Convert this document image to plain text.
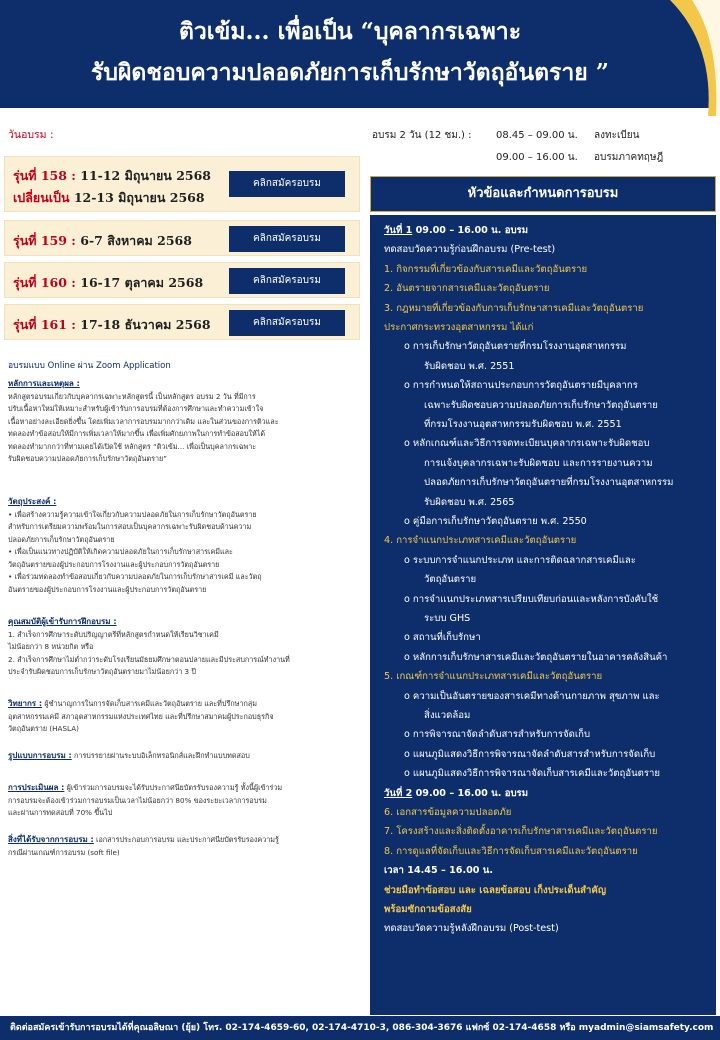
ติวเข้ม... เพื่อเป็น “บุคลากรเฉพาะ
รับผิดชอบความปลอดภัยการเก็บรักษาวัตถุอันตราย ”
วันอบรม :
รุ่นที่ 158 : 11-12 มิถุนายน 2568
เปลี่ยนเป็น 12-13 มิถุนายน 2568
คลิกสมัครอบรม
รุ่นที่ 159 : 6-7 สิงหาคม 2568	คลิกสมัครอบรม
รุ่นที่ 160 : 16-17 ตุลาคม 2568	คลิกสมัครอบรม
รุ่นที่ 161 : 17-18 ธันวาคม 2568	คลิกสมัครอบรม
อบรมแบบ Online ผ่าน Zoom Application
หลักการและเหตุผล :
หลักสูตรอบรมเกี่ยวกับบุคลากรเฉพาะหลักสูตรนี้ เป็นหลักสูตร อบรม 2 วัน ที่มีการ
ปรับเนื้อหาใหม่ให้เหมาะสำหรับผู้เข้ารับการอบรมที่ต้องการศึกษาและทำความเข้าใจ
เนื้อหาอย่างละเอียดยิ่งขึ้น โดยเพิ่มเวลาการอบรมมากกว่าเดิม และในส่วนของการติวและ
ทดลองทำข้อสอบให้มีการเพิ่มเวลาให้มากขึ้น เพื่อเพิ่มศักยภาพในการทำข้อสอบให้ได้
ทดลองทำมากกว่าที่ทามเคยได้เปิดใช้ หลักสูตร “ติวเข้ม... เพื่อเป็นบุคลากรเฉพาะ
รับผิดชอบความปลอดภัยการเก็บรักษาวัตถุอันตราย”
วัตถุประสงค์ :
• เพื่อสร้างความรู้ความเข้าใจเกี่ยวกับความปลอดภัยในการเก็บรักษาวัตถุอันตราย
สำหรับการเตรียมความพร้อมในการสอบเป็นบุคลากรเฉพาะรับผิดชอบด้านความ
ปลอดภัยการเก็บรักษาวัตถุอันตราย
• เพื่อเป็นแนวทางปฏิบัติให้เกิดความปลอดภัยในการเก็บรักษาสารเคมีและ
วัตถุอันตรายของผู้ประกอบการโรงงานและผู้ประกอบการวัตถุอันตราย
• เพื่อร่วมทดลองทำข้อสอบเกี่ยวกับความปลอดภัยในการเก็บรักษาสารเคมี และวัตถุ
อันตรายของผู้ประกอบการโรงงานและผู้ประกอบการวัตถุอันตราย
คุณสมบัติผู้เข้ารับการฝึกอบรม :
1. สำเร็จการศึกษาระดับปริญญาตรีที่หลักสูตรกำหนดให้เรียนวิชาเคมี
ไม่น้อยกว่า 8 หน่วยกิต หรือ
2. สำเร็จการศึกษาไม่ต่ำกว่าระดับโรงเรียนมัธยมศึกษาตอนปลายและมีประสบการณ์ทำงานที่
ประจำรับผิดชอบการเก็บรักษาวัตถุอันตรายมาไม่น้อยกว่า 3 ปี
วิทยากร : ผู้ชำนาญการในการจัดเก็บสารเคมีและวัตถุอันตราย และที่ปรึกษากลุ่ม
อุตสาหกรรมเคมี สภาอุตสาหกรรมแห่งประเทศไทย และที่ปรึกษาสมาคมผู้ประกอบธุรกิจ
วัตถุอันตราย (HASLA)
รูปแบบการอบรม : การบรรยายผ่านระบบอิเล็กทรอนิกส์และฝึกทำแบบทดสอบ
การประเมินผล : ผู้เข้าร่วมการอบรมจะได้รับประกาศนียบัตรรับรองความรู้ ทั้งนี้ผู้เข้าร่วม
การอบรมจะต้องเข้าร่วมการอบรมเป็นเวลาไม่น้อยกว่า 80% ของระยะเวลาการอบรม
และผ่านการทดสอบที่ 70% ขึ้นไป
สิ่งที่ได้รับจากการอบรม : เอกสารประกอบการอบรม และประกาศนียบัตรรับรองความรู้
กรณีผ่านเกณฑ์การอบรม (soft file)
อบรม 2 วัน (12 ชม.) : 08.45 – 09.00 น. ลงทะเบียน
09.00 – 16.00 น. อบรมภาคทฤษฎี
หัวข้อและกำหนดการอบรม
วันที่ 1 09.00 – 16.00 น. อบรม
ทดสอบวัดความรู้ก่อนฝึกอบรม (Pre-test)
1. กิจกรรมที่เกี่ยวข้องกับสารเคมีและวัตถุอันตราย
2. อันตรายจากสารเคมีและวัตถุอันตราย
3. กฎหมายที่เกี่ยวข้องกับการเก็บรักษาสารเคมีและวัตถุอันตราย
ประกาศกระทรวงอุตสาหกรรม ได้แก่
o การเก็บรักษาวัตถุอันตรายที่กรมโรงงานอุตสาหกรรม
รับผิดชอบ พ.ศ. 2551
o การกำหนดให้สถานประกอบการวัตถุอันตรายมีบุคลากร
เฉพาะรับผิดชอบความปลอดภัยการเก็บรักษาวัตถุอันตราย
ที่กรมโรงงานอุตสาหกรรมรับผิดชอบ พ.ศ. 2551
o หลักเกณฑ์และวิธีการจดทะเบียนบุคลากรเฉพาะรับผิดชอบ
การแจ้งบุคลากรเฉพาะรับผิดชอบ และการรายงานความ
ปลอดภัยการเก็บรักษาวัตถุอันตรายที่กรมโรงงานอุตสาหกรรม
รับผิดชอบ พ.ศ. 2565
o คู่มือการเก็บรักษาวัตถุอันตราย พ.ศ. 2550
4. การจำแนกประเภทสารเคมีและวัตถุอันตราย
o ระบบการจำแนกประเภท และการติดฉลากสารเคมีและ
วัตถุอันตราย
o การจำแนกประเภทสารเปรียบเทียบก่อนและหลังการบังคับใช้
ระบบ GHS
o สถานที่เก็บรักษา
o หลักการเก็บรักษาสารเคมีและวัตถุอันตรายในอาคารคลังสินค้า
5. เกณฑ์การจำแนกประเภทสารเคมีและวัตถุอันตราย
o ความเป็นอันตรายของสารเคมีทางด้านกายภาพ สุขภาพ และ
สิ่งแวดล้อม
o การพิจารณาจัดลำดับสารสำหรับการจัดเก็บ
o แผนภูมิแสดงวิธีการพิจารณาจัดลำดับสารสำหรับการจัดเก็บ
o แผนภูมิแสดงวิธีการพิจารณาจัดเก็บสารเคมีและวัตถุอันตราย
วันที่ 2 09.00 – 16.00 น. อบรม
6. เอกสารข้อมูลความปลอดภัย
7. โครงสร้างและสิ่งติดตั้งอาคารเก็บรักษาสารเคมีและวัตถุอันตราย
8. การดูแลที่จัดเก็บและวิธีการจัดเก็บสารเคมีและวัตถุอันตราย
เวลา 14.45 – 16.00 น.
ช่วยมือทำข้อสอบ และ เฉลยข้อสอบ เก็งประเด็นสำคัญ
พร้อมซักถามข้อสงสัย
ทดสอบวัดความรู้หลังฝึกอบรม (Post-test)
ติดต่อสมัครเข้ารับการอบรมได้ที่คุณอลิษณา (ยุ้ย) โทร. 02-174-4659-60, 02-174-4710-3, 086-304-3676 แฟกซ์ 02-174-4658 หรือ myadmin@siamsafety.com
